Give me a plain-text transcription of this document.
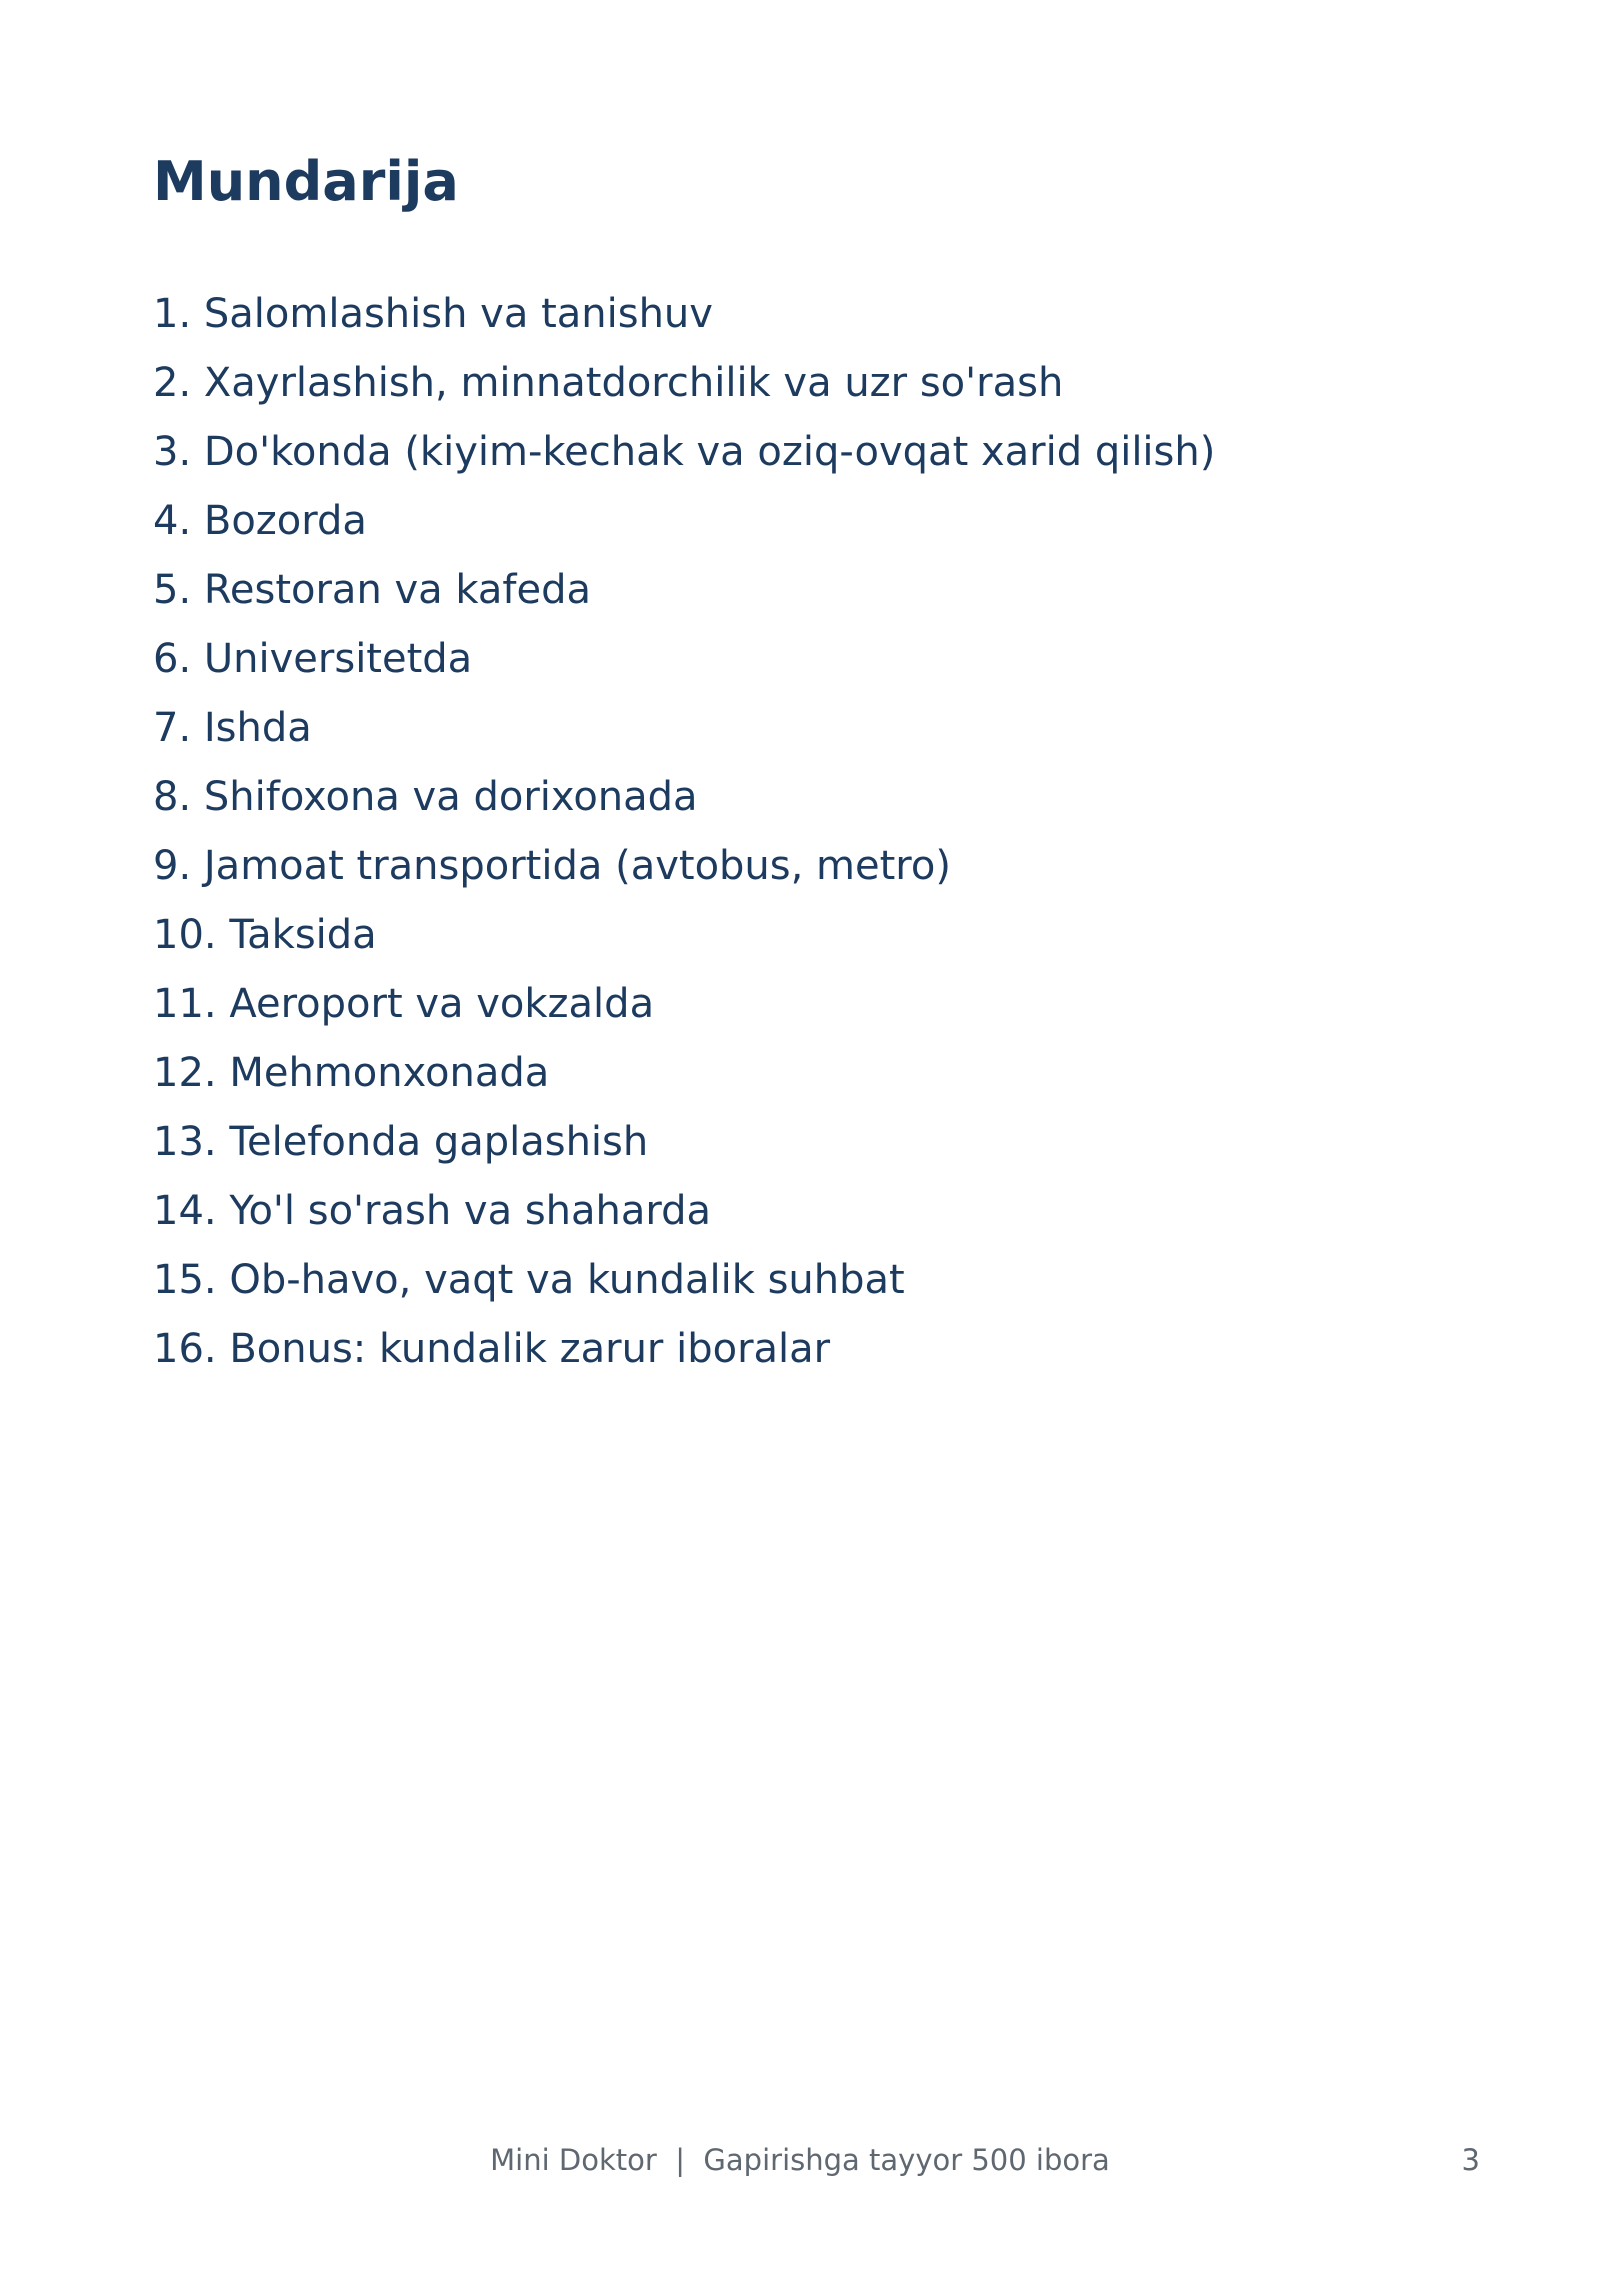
Mundarija
1. Salomlashish va tanishuv
2. Xayrlashish, minnatdorchilik va uzr so'rash
3. Do'konda (kiyim-kechak va oziq-ovqat xarid qilish)
4. Bozorda
5. Restoran va kafeda
6. Universitetda
7. Ishda
8. Shifoxona va dorixonada
9. Jamoat transportida (avtobus, metro)
10. Taksida
11. Aeroport va vokzalda
12. Mehmonxonada
13. Telefonda gaplashish
14. Yo'l so'rash va shaharda
15. Ob-havo, vaqt va kundalik suhbat
16. Bonus: kundalik zarur iboralar
Mini Doktor  |  Gapirishga tayyor 500 ibora	3
